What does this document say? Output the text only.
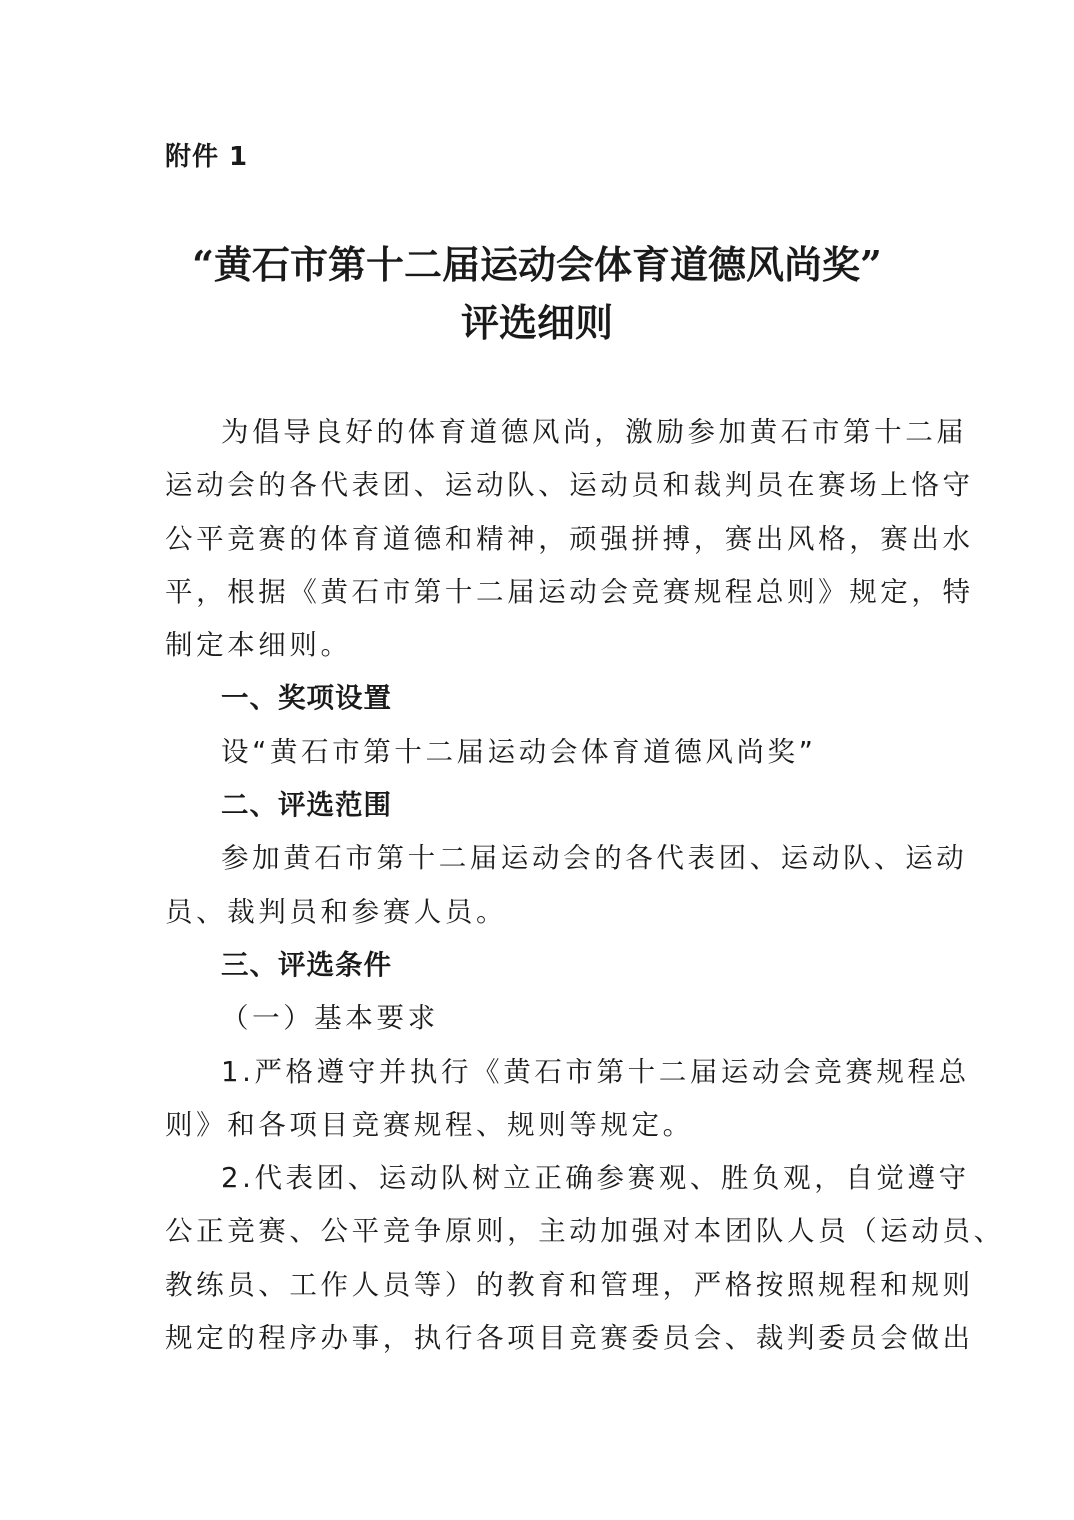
附件 1
“黄石市第十二届运动会体育道德风尚奖”
评选细则
为倡导良好的体育道德风尚，激励参加黄石市第十二届
运动会的各代表团、运动队、运动员和裁判员在赛场上恪守
公平竞赛的体育道德和精神，顽强拼搏，赛出风格，赛出水
平，根据《黄石市第十二届运动会竞赛规程总则》规定，特
制定本细则。
一、奖项设置
设“黄石市第十二届运动会体育道德风尚奖”
二、评选范围
参加黄石市第十二届运动会的各代表团、运动队、运动
员、裁判员和参赛人员。
三、评选条件
（一）基本要求
1.严格遵守并执行《黄石市第十二届运动会竞赛规程总
则》和各项目竞赛规程、规则等规定。
2.代表团、运动队树立正确参赛观、胜负观，自觉遵守
公正竞赛、公平竞争原则，主动加强对本团队人员（运动员、
教练员、工作人员等）的教育和管理，严格按照规程和规则
规定的程序办事，执行各项目竞赛委员会、裁判委员会做出
